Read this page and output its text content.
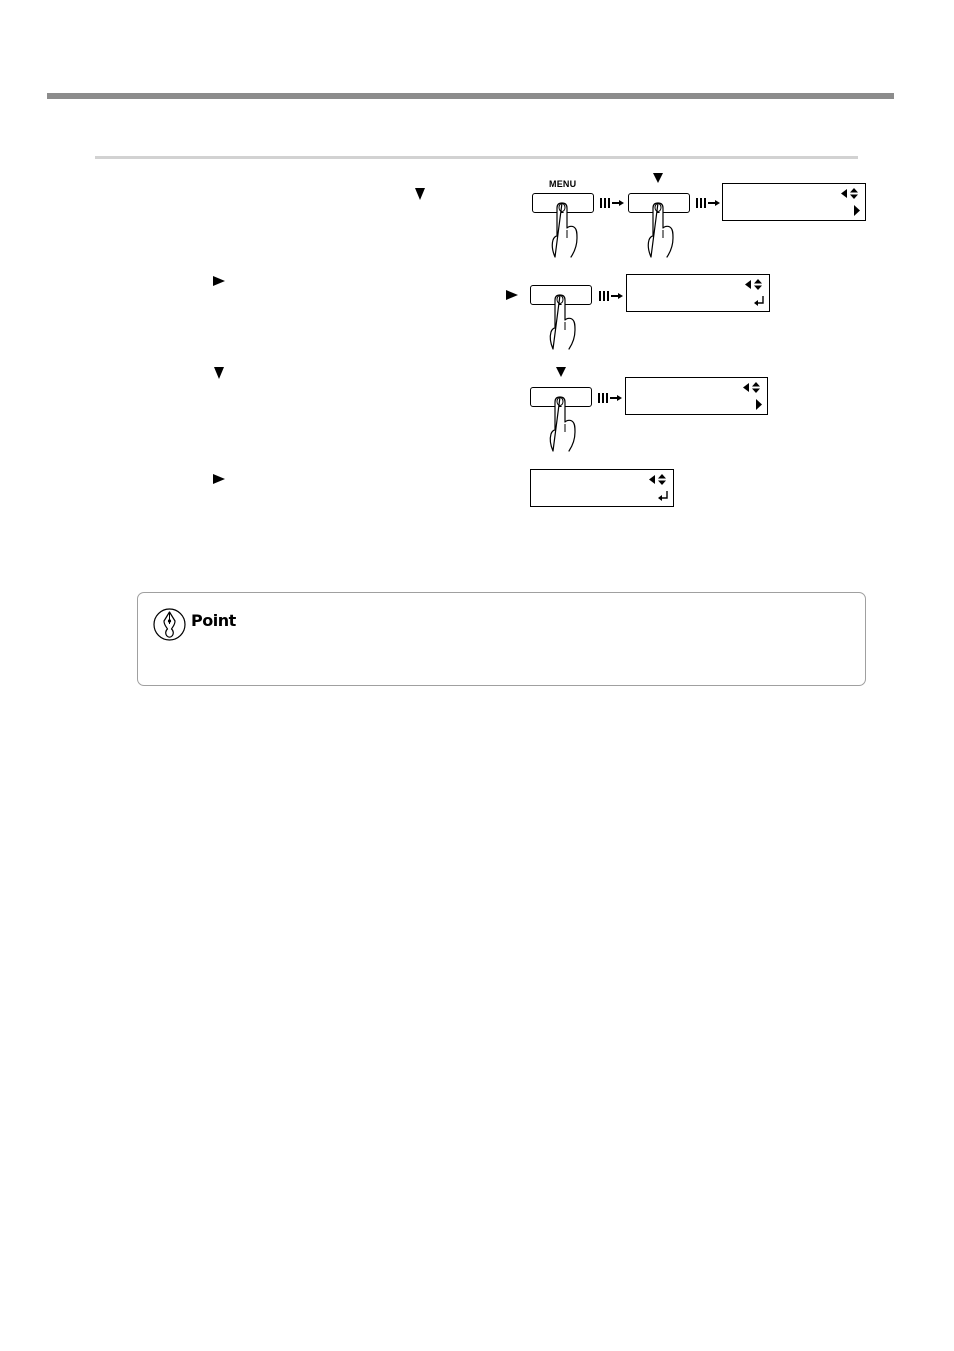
MENU
Point
